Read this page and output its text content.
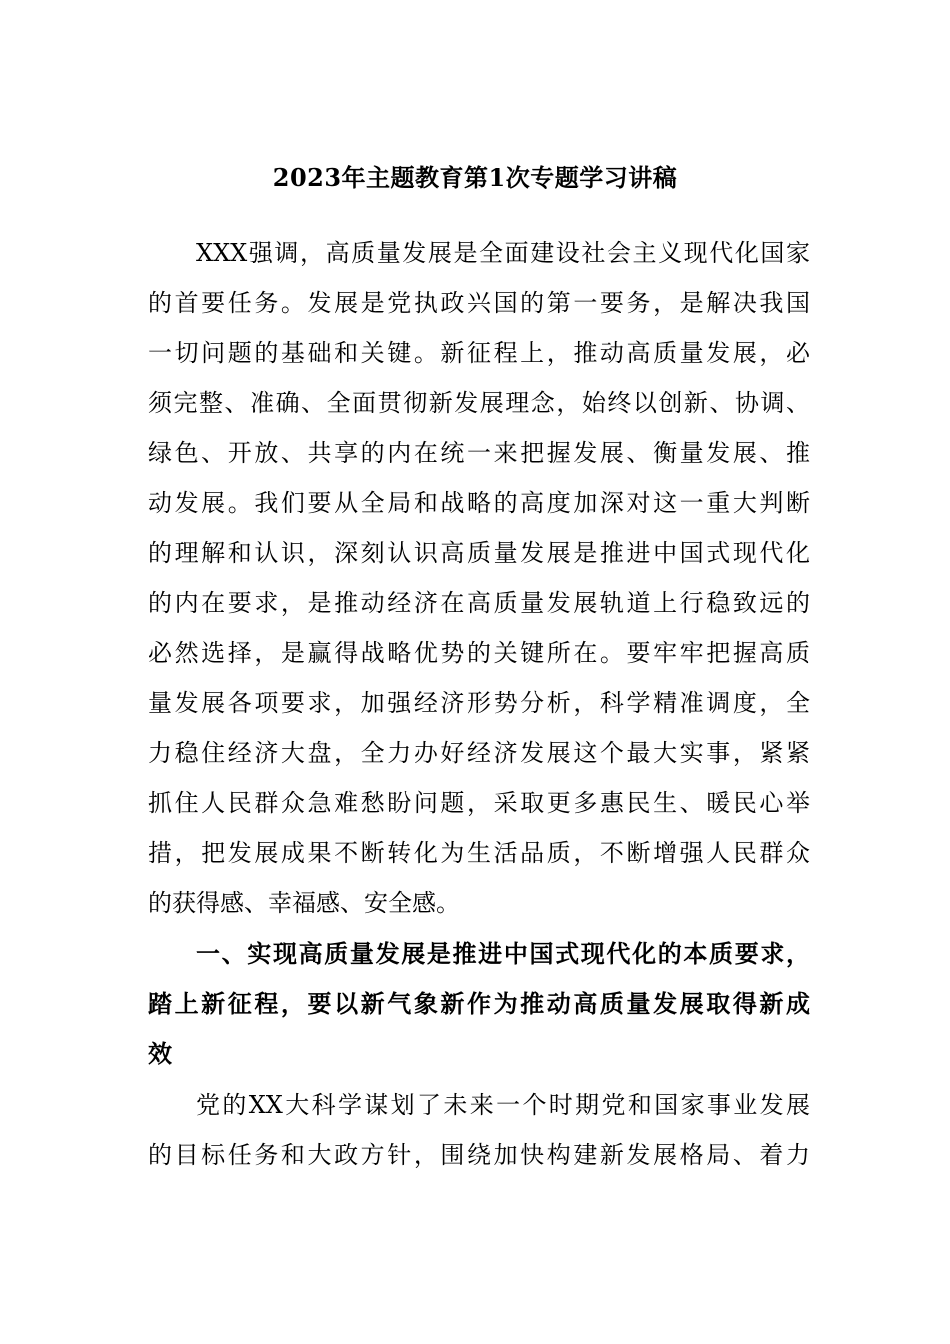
2023年主题教育第1次专题学习讲稿
XXX强调，高质量发展是全面建设社会主义现代化国家
的首要任务。发展是党执政兴国的第一要务，是解决我国
一切问题的基础和关键。新征程上，推动高质量发展，必
须完整、准确、全面贯彻新发展理念，始终以创新、协调、
绿色、开放、共享的内在统一来把握发展、衡量发展、推
动发展。我们要从全局和战略的高度加深对这一重大判断
的理解和认识，深刻认识高质量发展是推进中国式现代化
的内在要求，是推动经济在高质量发展轨道上行稳致远的
必然选择，是赢得战略优势的关键所在。要牢牢把握高质
量发展各项要求，加强经济形势分析，科学精准调度，全
力稳住经济大盘，全力办好经济发展这个最大实事，紧紧
抓住人民群众急难愁盼问题，采取更多惠民生、暖民心举
措，把发展成果不断转化为生活品质，不断增强人民群众
的获得感、幸福感、安全感。
一、实现高质量发展是推进中国式现代化的本质要求，
踏上新征程，要以新气象新作为推动高质量发展取得新成
效
党的XX大科学谋划了未来一个时期党和国家事业发展
的目标任务和大政方针，围绕加快构建新发展格局、着力
